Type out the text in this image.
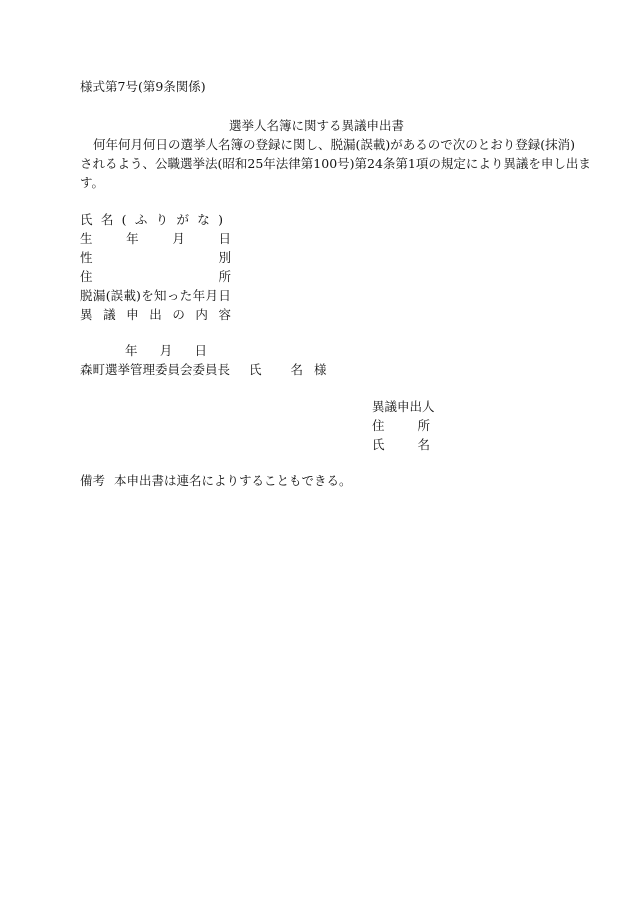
様式第7号(第9条関係)
選挙人名簿に関する異議申出書
何年何月何日の選挙人名簿の登録に関し、脱漏(誤載)があるので次のとおり登録(抹消)
されるよう、公職選挙法(昭和25年法律第100号)第24条第1項の規定により異議を申し出ま
す。
氏 名 ( ふ り が な )
生	年	月	日
性	別
住	所
脱 漏 (誤 載) を 知 っ た 年 月 日
異 議 申 出 の 内 容
年 月 日
森町選挙管理委員会委員長 氏 名 様
異議申出人
住	所
氏	名
備考 本申出書は連名によりすることもできる。
